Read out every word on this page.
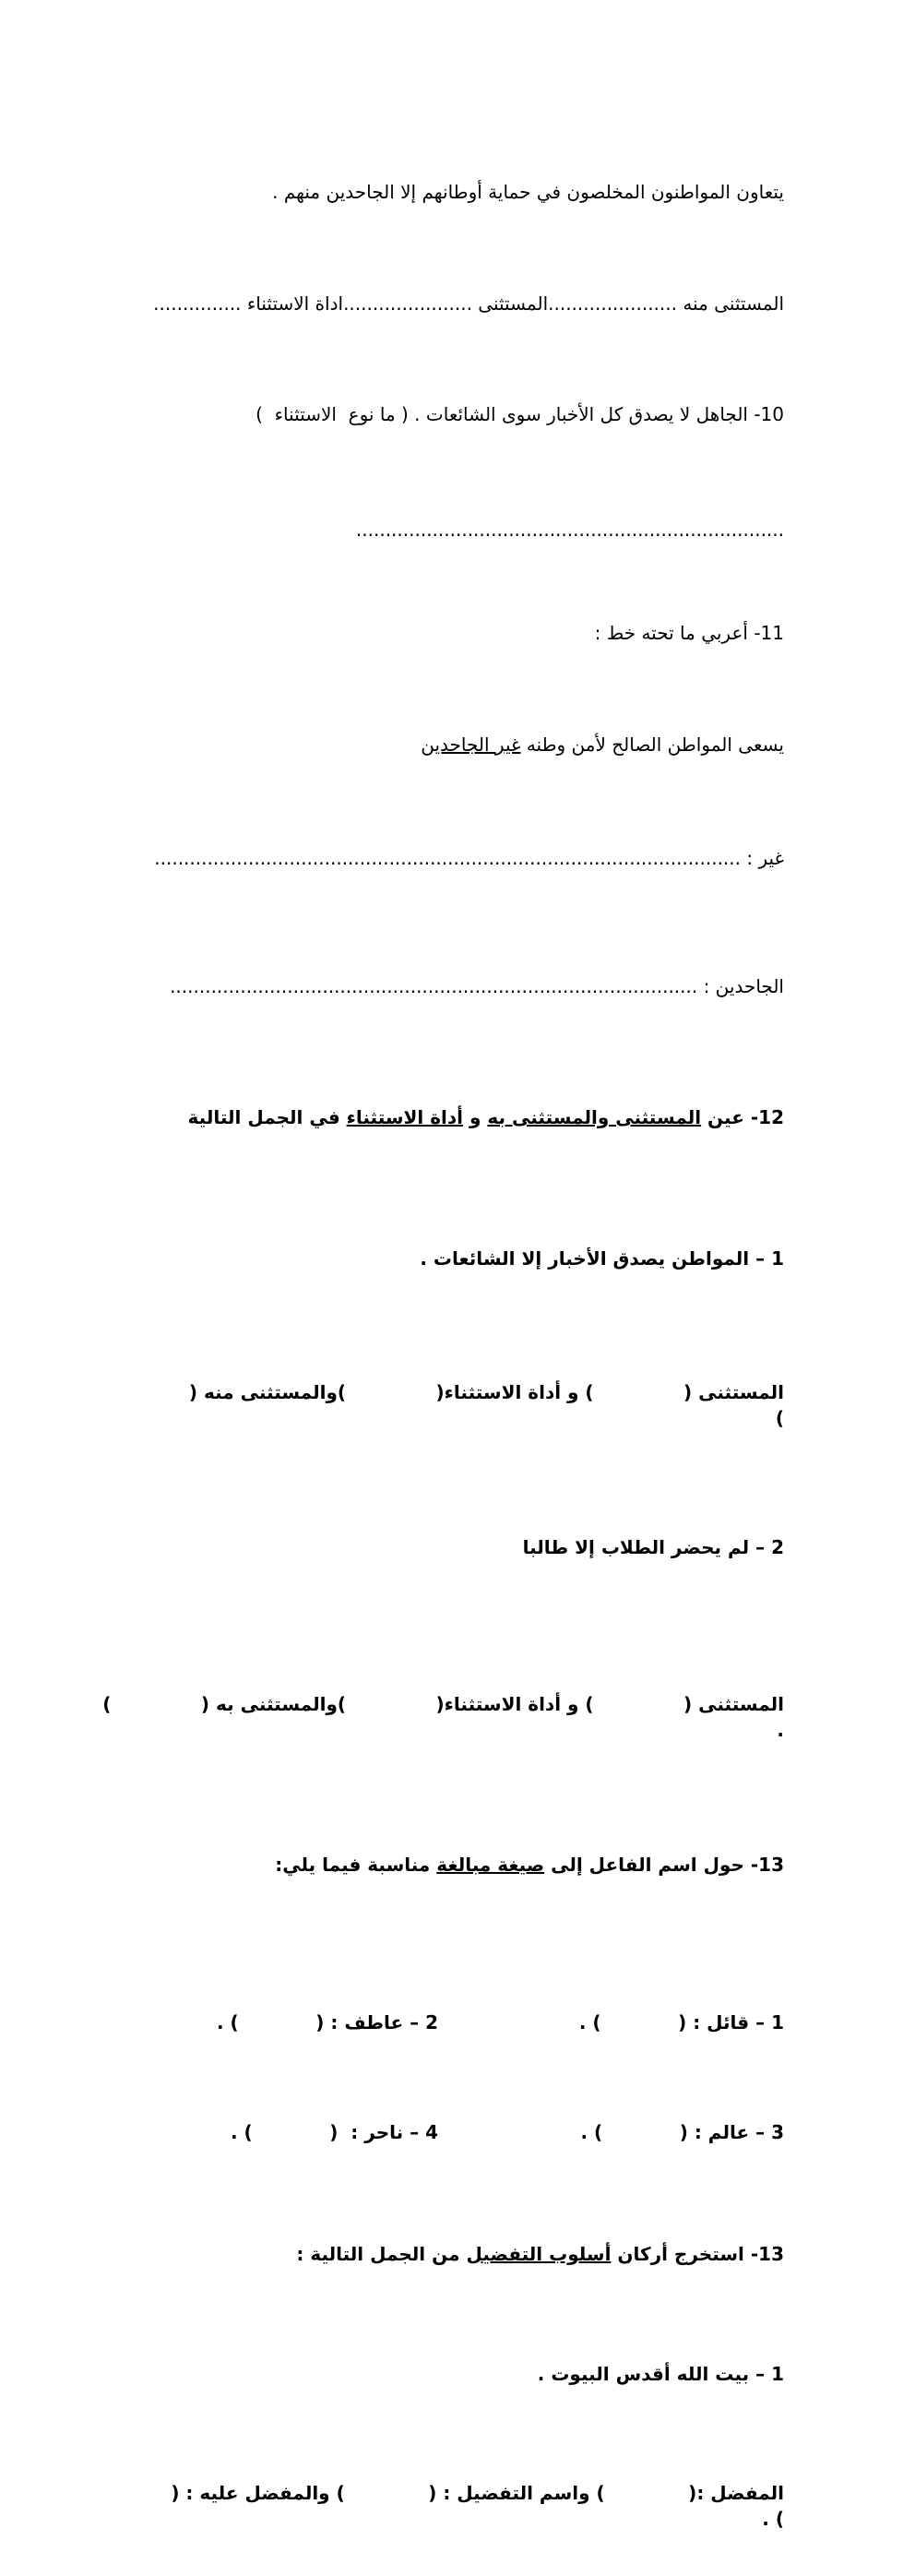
يتعاون المواطنون المخلصون في حماية أوطانهم إلا الجاحدين منهم .

المستثنى منه ......................المستثنى ......................اداة الاستثناء ...............

10- الجاهل لا يصدق كل الأخبار سوى الشائعات . ( ما نوع  الاستثناء  )

.........................................................................

11- أعربي ما تحته خط :

يسعى المواطن الصالح لأمن وطنه غير الجاحدين

غير : ....................................................................................................

الجاحدين : ..........................................................................................

12- عين المستثنى والمستثنى به و أداة الاستثناء في الجمل التالية

1 – المواطن يصدق الأخبار إلا الشائعات .

المستثنى (              ) و أداة الاستثناء(              )والمستثنى منه (              )

2 – لم يحضر الطلاب إلا طالبا

المستثنى (              ) و أداة الاستثناء(              )والمستثنى به (              ) .

13- حول اسم الفاعل إلى صيغة مبالغة مناسبة فيما يلي:

1 – قائل : (            ) .
2 – عاطف : (            ) .

3 – عالم : (            ) .
4 – ناحر :  (            ) .

13- استخرج أركان أسلوب التفضيل من الجمل التالية :

1 – بيت الله أقدس البيوت .

المفضل :(             ) واسم التفضيل : (             ) والمفضل عليه : (             ) .
